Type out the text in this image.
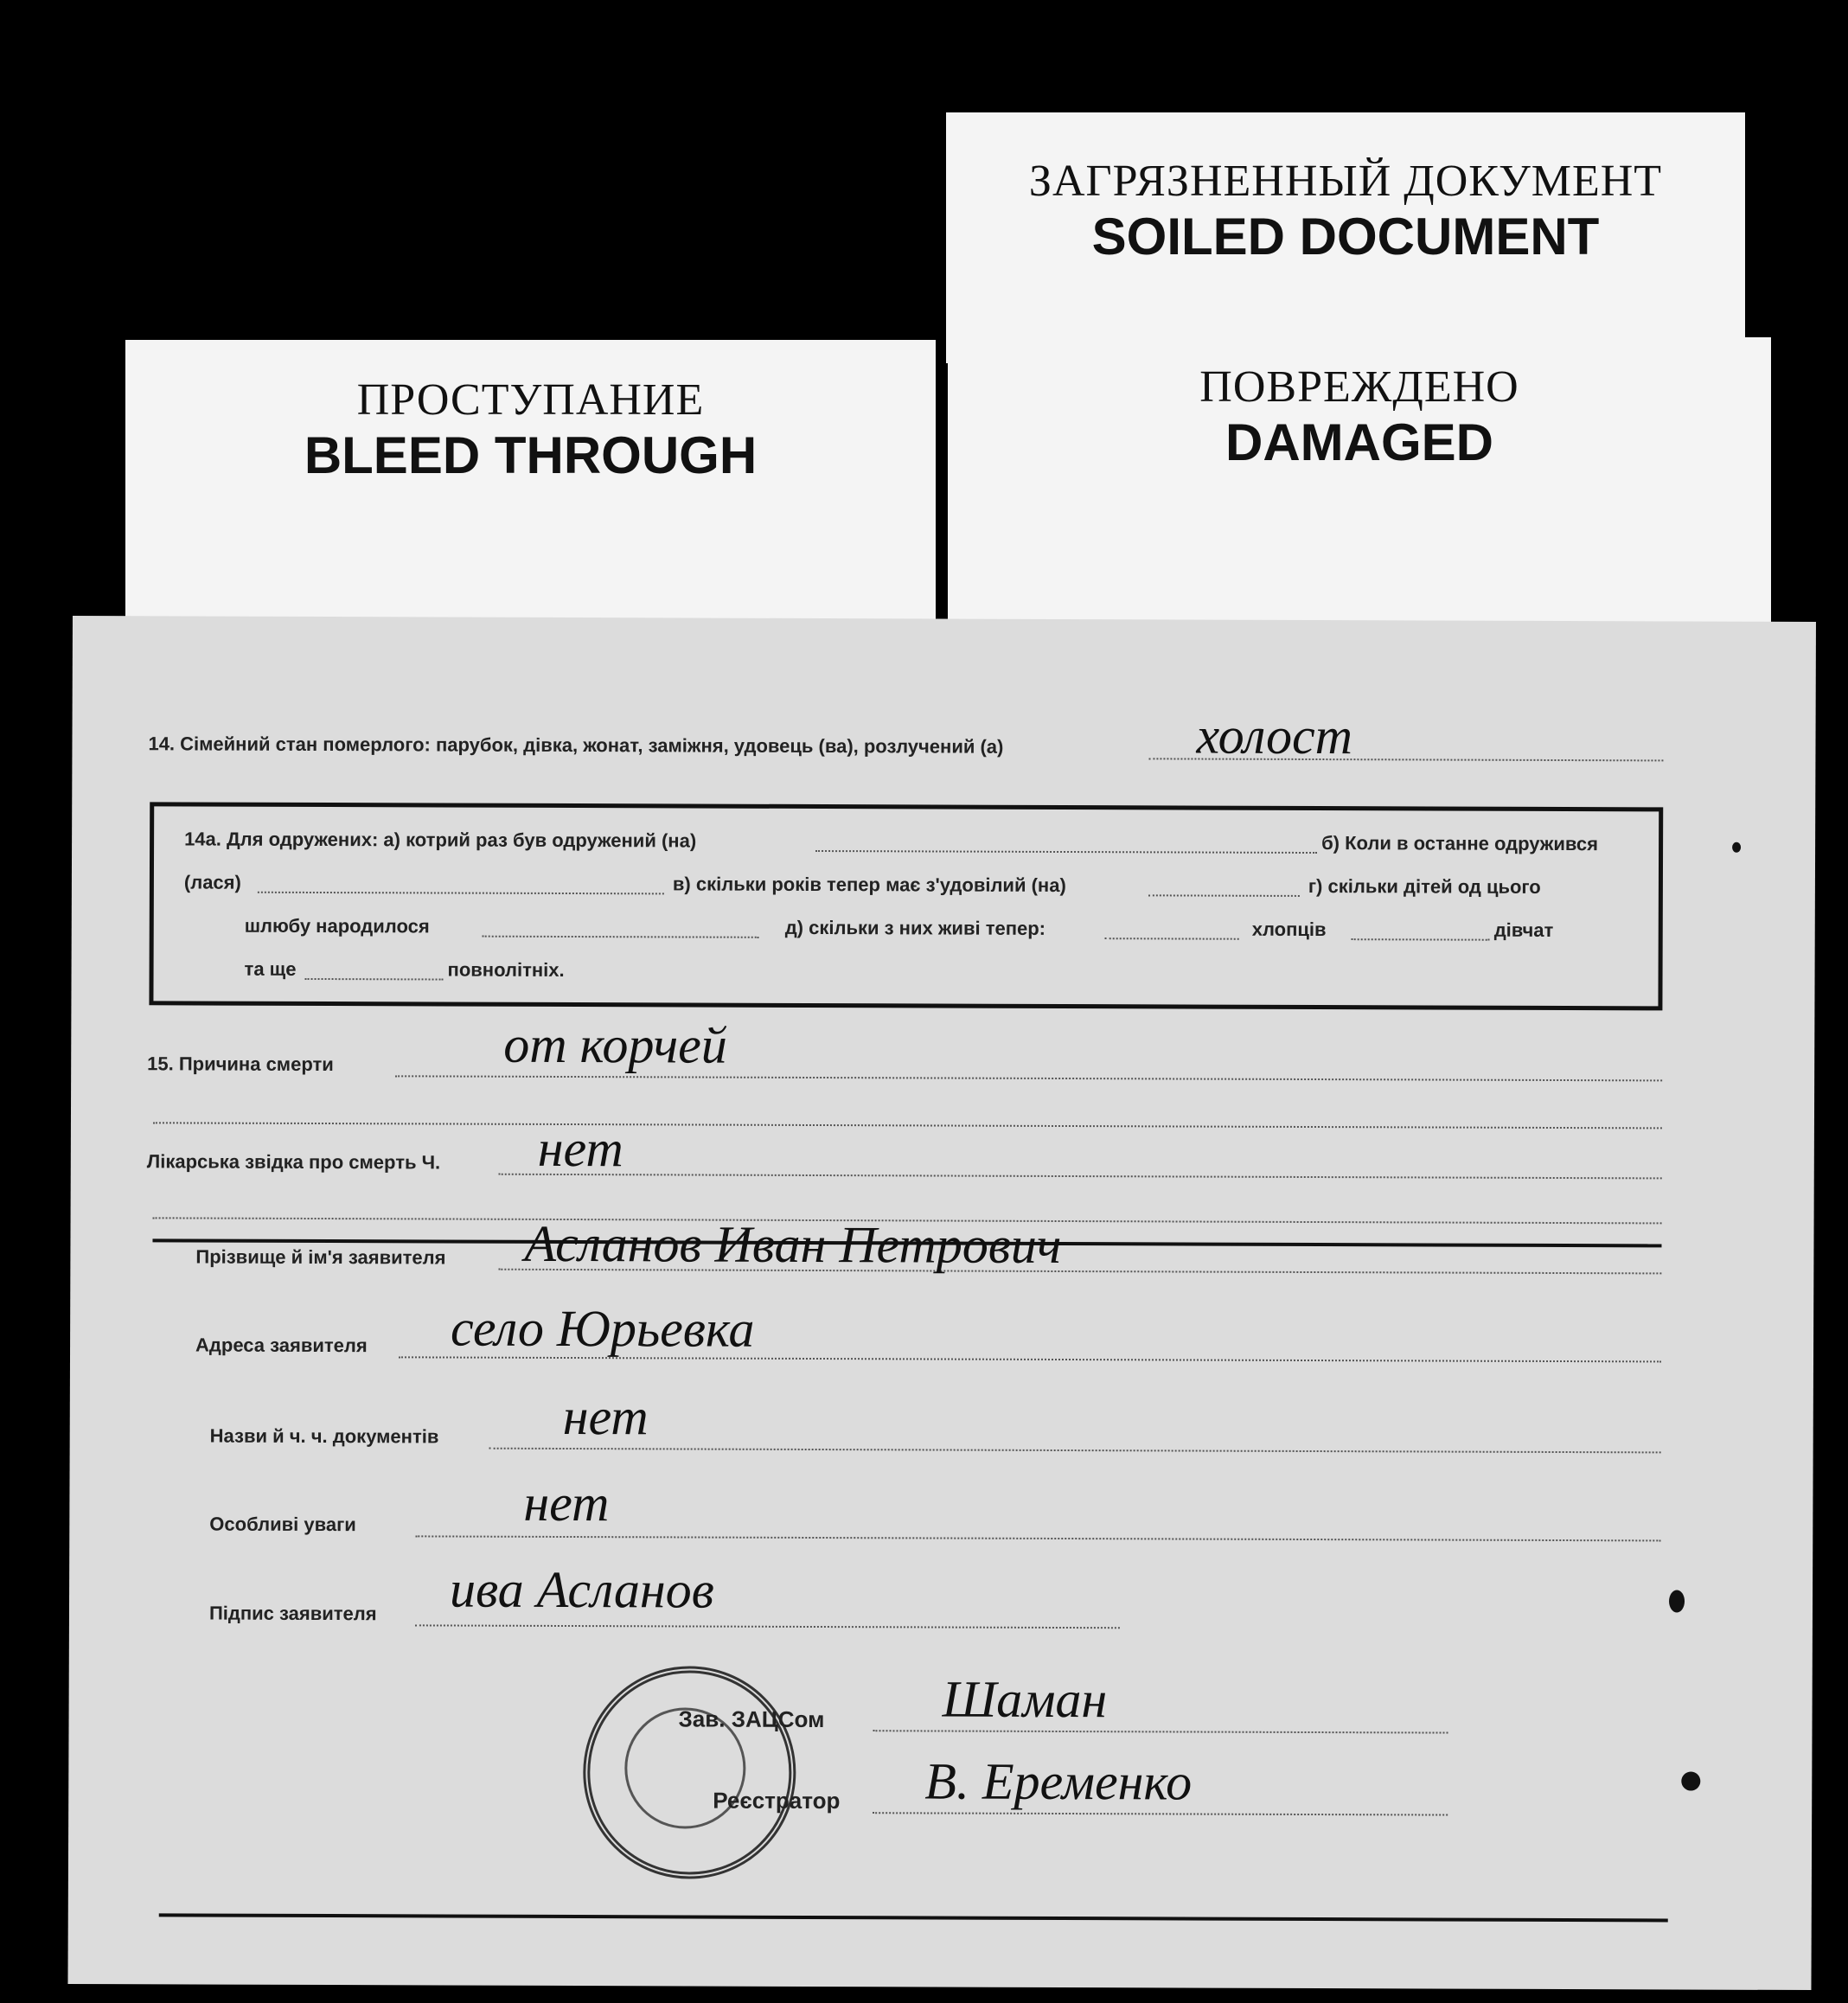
ЗАГРЯЗНЕННЫЙ ДОКУМЕНТ
SOILED DOCUMENT
ПРОСТУПАНИЕ
BLEED THROUGH
ПОВРЕЖДЕНО
DAMAGED
14. Сімейний стан померлого: парубок, дівка, жонат, заміжня, удовець (ва), розлучений (а)	холост
14a. Для одружених: а) котрий раз був одружений (на)	б) Коли в останне одружився
(лася)	в) скільки років тепер має з'удовілий (на)	г) скільки дітей од цього
шлюбу народилося	д) скільки з них живі тепер:	хлопців	дівчат
та ще	повнолітніх.
15. Причина смерти	от корчей
Лікарська звідка про смерть Ч. нет
Прізвище й ім'я заявителя Асланов Иван Петрович
Адреса заявителя село Юрьевка
Назви й ч. ч. документів нет
Особливі уваги	нет
Підпис заявителя ива Асланов
Зав. ЗАЦСом Шаман
Реєстратор В. Еременко
